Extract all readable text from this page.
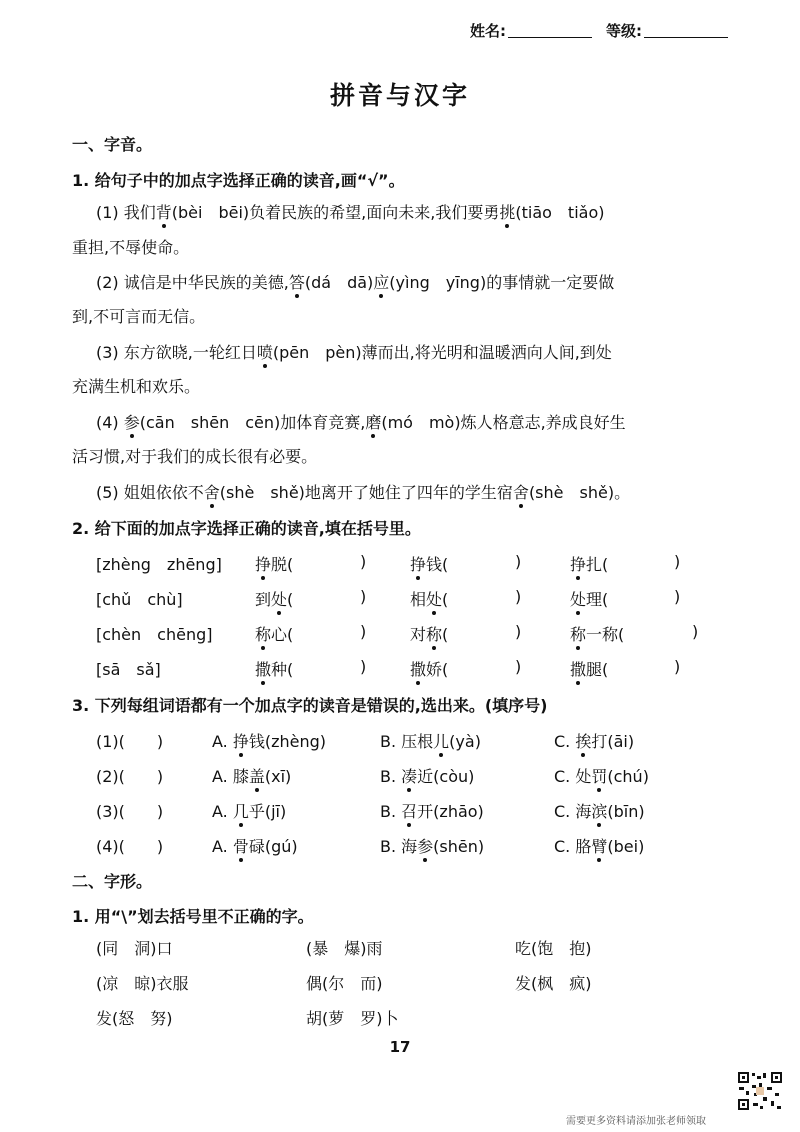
姓名:	等级:
拼音与汉字
一、字音。
1. 给句子中的加点字选择正确的读音,画“√”。
(1) 我们背(bèi　bēi)负着民族的希望,面向未来,我们要勇挑(tiāo　tiǎo)
重担,不辱使命。
(2) 诚信是中华民族的美德,答(dá　dā)应(yìng　yīng)的事情就一定要做
到,不可言而无信。
(3) 东方欲晓,一轮红日喷(pēn　pèn)薄而出,将光明和温暖洒向人间,到处
充满生机和欢乐。
(4) 参(cān　shēn　cēn)加体育竞赛,磨(mó　mò)炼人格意志,养成良好生
活习惯,对于我们的成长很有必要。
(5) 姐姐依依不舍(shè　shě)地离开了她住了四年的学生宿舍(shè　shě)。
2. 给下面的加点字选择正确的读音,填在括号里。
[zhèng　zhēng] 挣脱(	)	挣钱(	)	挣扎(	)
[chǔ　chù]	到处(	)	相处(	)	处理(	)
[chèn　chēng]	称心(	)	对称(	)	称一称(	)
[sā　sǎ]	撒种(	)	撒娇(	)	撒腿(	)
3. 下列每组词语都有一个加点字的读音是错误的,选出来。(填序号)
(1)(　　)	A. 挣钱(zhèng)	B. 压根儿(yà)	C. 挨打(āi)
(2)(　　)	A. 膝盖(xī)	B. 凑近(còu)	C. 处罚(chú)
(3)(　　)	A. 几乎(jī)	B. 召开(zhāo)	C. 海滨(bīn)
(4)(　　)	A. 骨碌(gú)	B. 海参(shēn)	C. 胳臂(bei)
二、字形。
1. 用“\”划去括号里不正确的字。
(同　洞)口	(暴　爆)雨	吃(饱　抱)
(凉　晾)衣服	偶(尔　而)	发(枫　疯)
发(怒　努)	胡(萝　罗)卜
17
需要更多资料请添加张老师领取
